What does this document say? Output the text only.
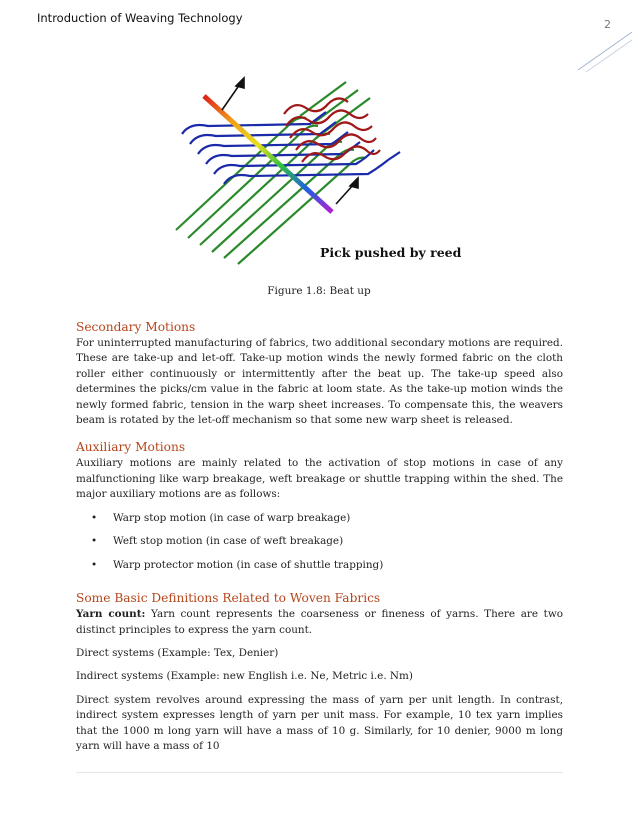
Introduction of Weaving Technology	2
Pick pushed by reed
Figure 1.8: Beat up
Secondary Motions

For uninterrupted manufacturing of fabrics, two additional secondary motions are required. These are take-up and let-off. Take-up motion winds the newly formed fabric on the cloth roller either continuously or intermittently after the beat up. The take-up speed also determines the picks/cm value in the fabric at loom state. As the take-up motion winds the newly formed fabric, tension in the warp sheet increases. To compensate this, the weavers beam is rotated by the let-off mechanism so that some new warp sheet is released.

Auxiliary Motions

Auxiliary motions are mainly related to the activation of stop motions in case of any malfunctioning like warp breakage, weft breakage or shuttle trapping within the shed. The major auxiliary motions are as follows:

• Warp stop motion (in case of warp breakage)
• Weft stop motion (in case of weft breakage)
• Warp protector motion (in case of shuttle trapping)
Some Basic Definitions Related to Woven Fabrics

Yarn count: Yarn count represents the coarseness or fineness of yarns. There are two distinct principles to express the yarn count.

Direct systems (Example: Tex, Denier)

Indirect systems (Example: new English i.e. Ne, Metric i.e. Nm)

Direct system revolves around expressing the mass of yarn per unit length. In contrast, indirect system expresses length of yarn per unit mass. For example, 10 tex yarn implies that the 1000 m long yarn will have a mass of 10 g. Similarly, for 10 denier, 9000 m long yarn will have a mass of 10
